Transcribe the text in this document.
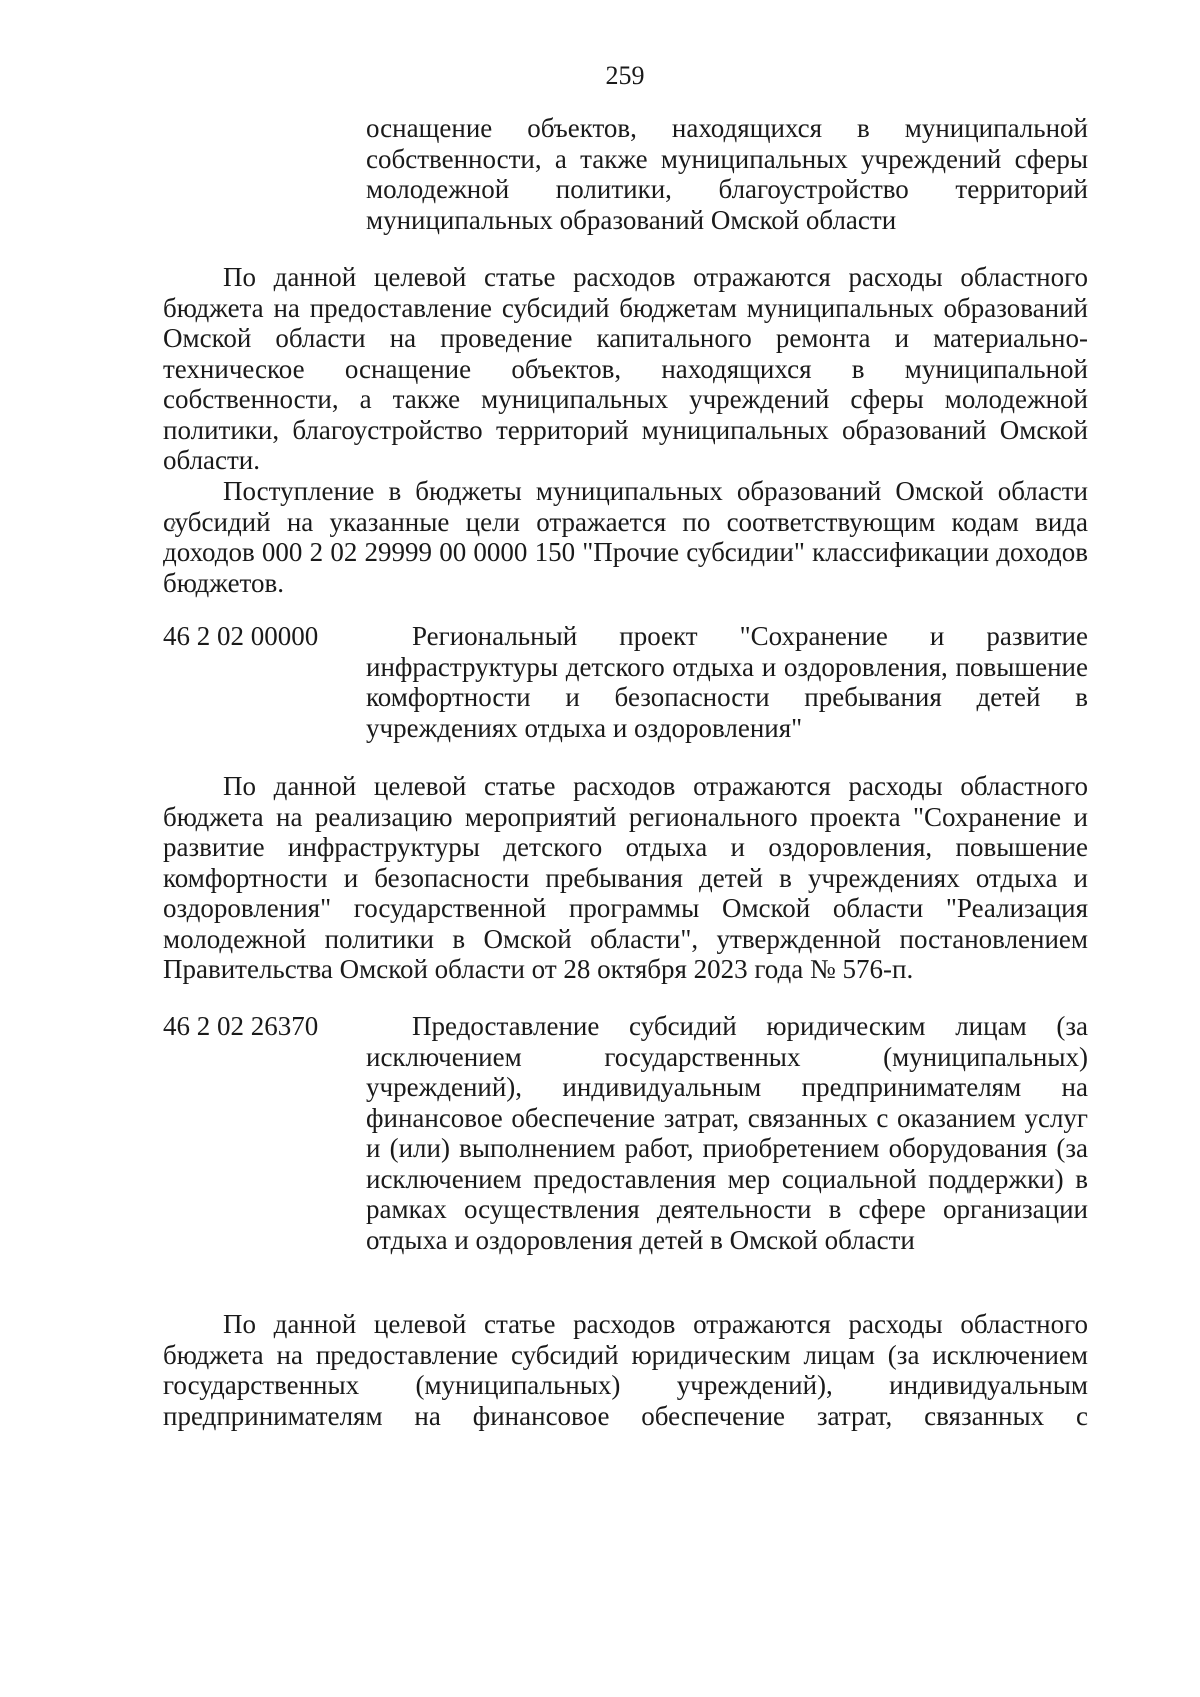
259
оснащение объектов, находящихся в муниципальной собственности, а также муниципальных учреждений сферы молодежной политики, благоустройство территорий муниципальных образований Омской области

По данной целевой статье расходов отражаются расходы областного бюджета на предоставление субсидий бюджетам муниципальных образований Омской области на проведение капитального ремонта и материально-техническое оснащение объектов, находящихся в муниципальной собственности, а также муниципальных учреждений сферы молодежной политики, благоустройство территорий муниципальных образований Омской области.

Поступление в бюджеты муниципальных образований Омской области субсидий на указанные цели отражается по соответствующим кодам вида доходов 000 2 02 29999 00 0000 150 "Прочие субсидии" классификации доходов бюджетов.

46 2 02 00000	Региональный проект "Сохранение и развитие инфраструктуры детского отдыха и оздоровления, повышение комфортности и безопасности пребывания детей в учреждениях отдыха и оздоровления"

По данной целевой статье расходов отражаются расходы областного бюджета на реализацию мероприятий регионального проекта "Сохранение и развитие инфраструктуры детского отдыха и оздоровления, повышение комфортности и безопасности пребывания детей в учреждениях отдыха и оздоровления" государственной программы Омской области "Реализация молодежной политики в Омской области", утвержденной постановлением Правительства Омской области от 28 октября 2023 года № 576-п.

46 2 02 26370	Предоставление субсидий юридическим лицам (за исключением государственных (муниципальных) учреждений), индивидуальным предпринимателям на финансовое обеспечение затрат, связанных с оказанием услуг и (или) выполнением работ, приобретением оборудования (за исключением предоставления мер социальной поддержки) в рамках осуществления деятельности в сфере организации отдыха и оздоровления детей в Омской области

По данной целевой статье расходов отражаются расходы областного бюджета на предоставление субсидий юридическим лицам (за исключением государственных (муниципальных) учреждений), индивидуальным предпринимателям на финансовое обеспечение затрат, связанных с
